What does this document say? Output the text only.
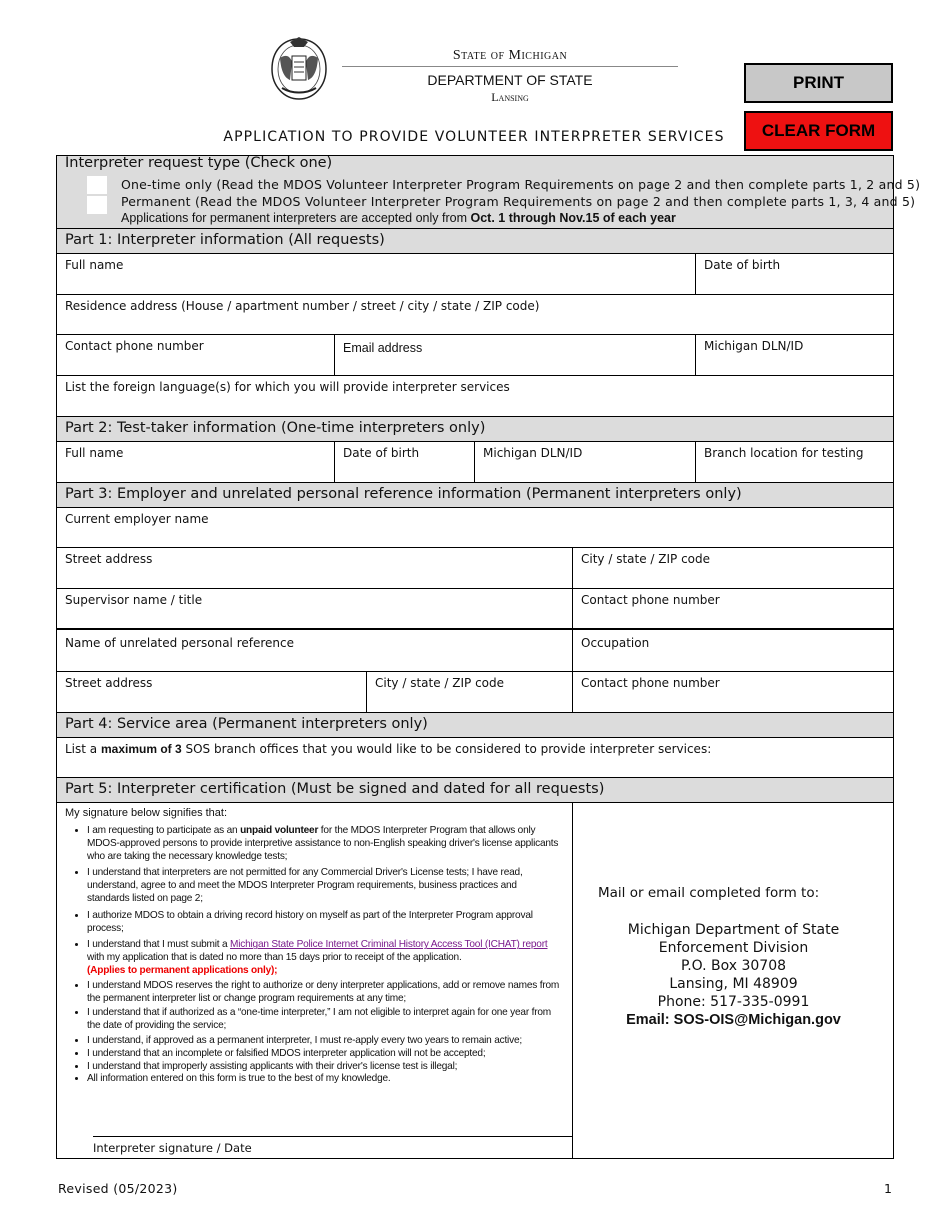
State of Michigan
DEPARTMENT OF STATE
Lansing
PRINT
CLEAR FORM
APPLICATION TO PROVIDE VOLUNTEER INTERPRETER SERVICES
Interpreter request type (Check one)
One-time only (Read the MDOS Volunteer Interpreter Program Requirements on page 2 and then complete parts 1, 2 and 5)
Permanent (Read the MDOS Volunteer Interpreter Program Requirements on page 2 and then complete parts 1, 3, 4 and 5)
Applications for permanent interpreters are accepted only from Oct. 1 through Nov.15 of each year
Part 1: Interpreter information (All requests)
Full name	Date of birth
Residence address (House / apartment number / street / city / state / ZIP code)
Contact phone number	Email address	Michigan DLN/ID
List the foreign language(s) for which you will provide interpreter services
Part 2: Test-taker information (One-time interpreters only)
Full name	Date of birth	Michigan DLN/ID	Branch location for testing
Part 3: Employer and unrelated personal reference information (Permanent interpreters only)
Current employer name
Street address	City / state / ZIP code
Supervisor name / title	Contact phone number
Name of unrelated personal reference	Occupation
Street address	City / state / ZIP code	Contact phone number
Part 4: Service area (Permanent interpreters only)
List a maximum of 3 SOS branch offices that you would like to be considered to provide interpreter services:
Part 5: Interpreter certification (Must be signed and dated for all requests)
My signature below signifies that:
• I am requesting to participate as an unpaid volunteer for the MDOS Interpreter Program that allows only MDOS-approved persons to provide interpretive assistance to non-English speaking driver's license applicants who are taking the necessary knowledge tests;
• I understand that interpreters are not permitted for any Commercial Driver's License tests; I have read, understand, agree to and meet the MDOS Interpreter Program requirements, business practices and standards listed on page 2;
• I authorize MDOS to obtain a driving record history on myself as part of the Interpreter Program approval process;
• I understand that I must submit a Michigan State Police Internet Criminal History Access Tool (ICHAT) report with my application that is dated no more than 15 days prior to receipt of the application.
(Applies to permanent applications only);
• I understand MDOS reserves the right to authorize or deny interpreter applications, add or remove names from the permanent interpreter list or change program requirements at any time;
• I understand that if authorized as a “one-time interpreter,” I am not eligible to interpret again for one year from the date of providing the service;
• I understand, if approved as a permanent interpreter, I must re-apply every two years to remain active;
• I understand that an incomplete or falsified MDOS interpreter application will not be accepted;
• I understand that improperly assisting applicants with their driver's license test is illegal;
• All information entered on this form is true to the best of my knowledge.
Interpreter signature / Date
Mail or email completed form to:
Michigan Department of State
Enforcement Division
P.O. Box 30708
Lansing, MI 48909
Phone: 517-335-0991
Email: SOS-OIS@Michigan.gov
Revised (05/2023)	1
